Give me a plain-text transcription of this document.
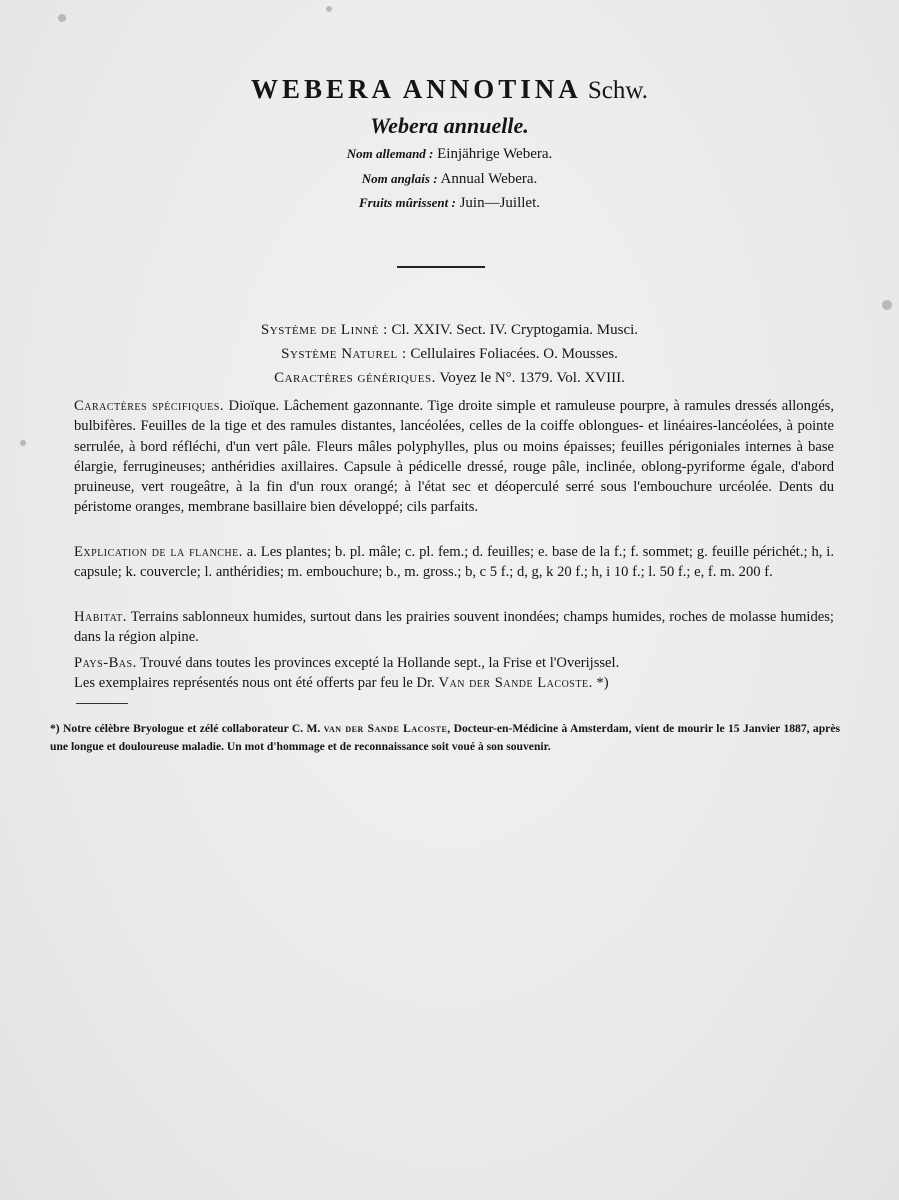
WEBERA ANNOTINA Schw.
Webera annuelle.
Nom allemand : Einjährige Webera.
Nom anglais : Annual Webera.
Fruits mûrissent : Juin—Juillet.
Système de Linné : Cl. XXIV. Sect. IV. Cryptogamia. Musci.
Système Naturel : Cellulaires Foliacées. O. Mousses.
Caractères génériques. Voyez le N°. 1379. Vol. XVIII.

Caractères spécifiques. Dioïque. Lâchement gazonnante. Tige droite simple et ramuleuse pourpre, à ramules dressés allongés, bulbifères. Feuilles de la tige et des ramules distantes, lancéolées, celles de la coiffe oblongues- et linéaires-lancéolées, à pointe serrulée, à bord réfléchi, d'un vert pâle. Fleurs mâles polyphylles, plus ou moins épaisses; feuilles périgoniales internes à base élargie, ferrugineuses; anthéridies axillaires. Capsule à pédicelle dressé, rouge pâle, inclinée, oblong-pyriforme égale, d'abord pruineuse, vert rougeâtre, à la fin d'un roux orangé; à l'état sec et déoperculé serré sous l'embouchure urcéolée. Dents du péristome oranges, membrane basillaire bien développé; cils parfaits.

Explication de la flanche. a. Les plantes; b. pl. mâle; c. pl. fem.; d. feuilles; e. base de la f.; f. sommet; g. feuille périchét.; h, i. capsule; k. couvercle; l. anthéridies; m. embouchure; b., m. gross.; b, c 5 f.; d, g, k 20 f.; h, i 10 f.; l. 50 f.; e, f. m. 200 f.

Habitat. Terrains sablonneux humides, surtout dans les prairies souvent inondées; champs humides, roches de molasse humides; dans la région alpine.

Pays-Bas. Trouvé dans toutes les provinces excepté la Hollande sept., la Frise et l'Overijssel.

Les exemplaires représentés nous ont été offerts par feu le Dr. Van der Sande Lacoste. *)

*) Notre célèbre Bryologue et zélé collaborateur C. M. van der Sande Lacoste, Docteur-en-Médicine à Amsterdam, vient de mourir le 15 Janvier 1887, après une longue et douloureuse maladie. Un mot d'hommage et de reconnaissance soit voué à son souvenir.
